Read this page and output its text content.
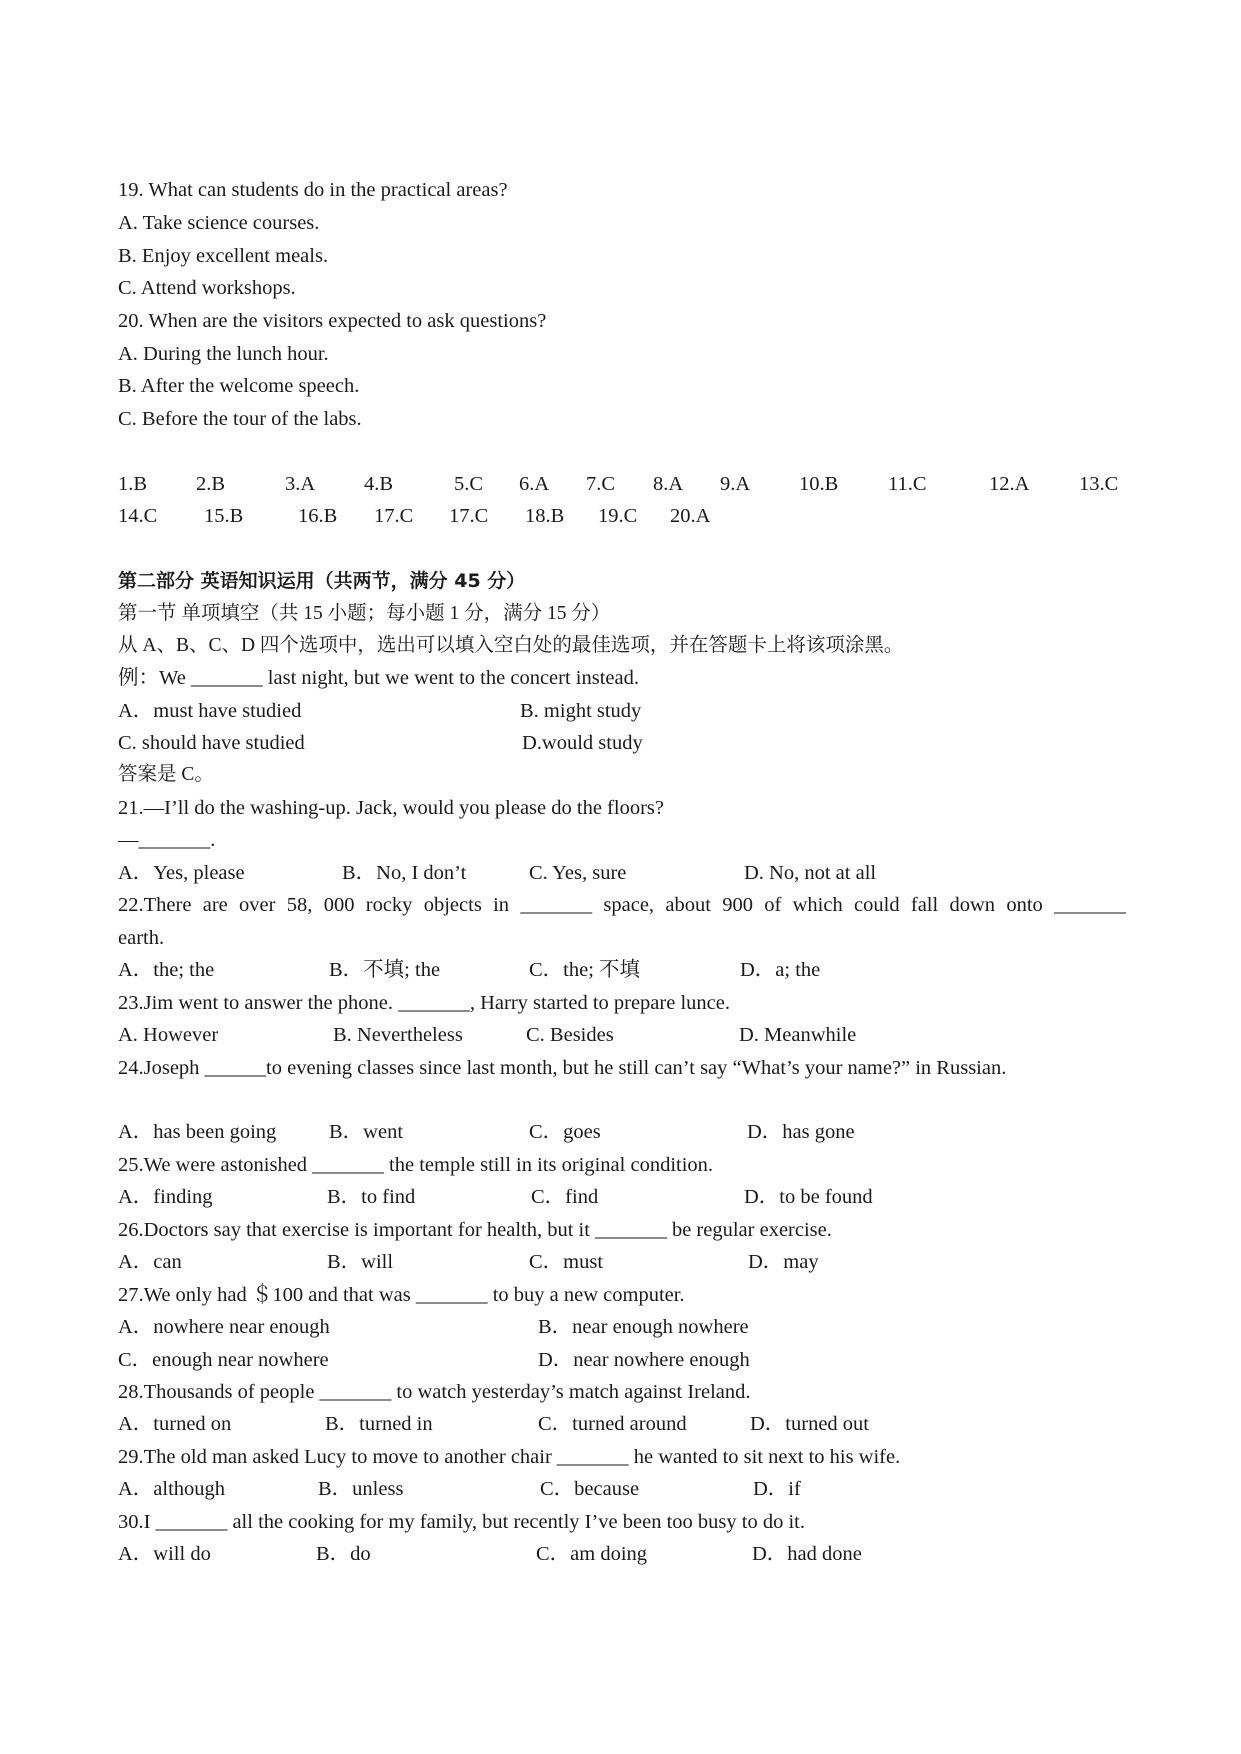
19. What can students do in the practical areas?
A. Take science courses.
B. Enjoy excellent meals.
C. Attend workshops.
20. When are the visitors expected to ask questions?
A. During the lunch hour.
B. After the welcome speech.
C. Before the tour of the labs.
1.B 2.B	3.A 4.B	5.C 6.A 7.C 8.A 9.A 10.B 11.C	12.A 13.C
14.C 15.B	16.B 17.C 17.C 18.B 19.C 20.A
第二部分 英语知识运用（共两节，满分 45 分）
第一节 单项填空（共 15 小题；每小题 1 分，满分 15 分）
从 A、B、C、D 四个选项中，选出可以填入空白处的最佳选项，并在答题卡上将该项涂黑。
例：We _______ last night, but we went to the concert instead.
A．must have studied	B. might study
C. should have studied	D.would study
答案是 C。
21.—I’ll do the washing-up. Jack, would you please do the floors?
—_______.
A．Yes, please	B．No, I don’t	C. Yes, sure	D. No, not at all
22.There are over 58, 000 rocky objects in _______ space, about 900 of which could fall down onto _______
earth.
A．the; the	B．不填; the	C．the; 不填	D．a; the
23.Jim went to answer the phone. _______, Harry started to prepare lunce.
A. However	B. Nevertheless	C. Besides	D. Meanwhile
24.Joseph ______to evening classes since last month, but he still can’t say “What’s your name?” in Russian.
A．has been going	B．went	C．goes	D．has gone
25.We were astonished _______ the temple still in its original condition.
A．finding	B．to find	C．find	D．to be found
26.Doctors say that exercise is important for health, but it _______ be regular exercise.
A．can	B．will	C．must	D．may
27.We only had ＄100 and that was _______ to buy a new computer.
A．nowhere near enough	B．near enough nowhere
C．enough near nowhere	D．near nowhere enough
28.Thousands of people _______ to watch yesterday’s match against Ireland.
A．turned on	B．turned in	C．turned around	D．turned out
29.The old man asked Lucy to move to another chair _______ he wanted to sit next to his wife.
A．although	B．unless	C．because	D．if
30.I _______ all the cooking for my family, but recently I’ve been too busy to do it.
A．will do	B．do	C．am doing	D．had done
